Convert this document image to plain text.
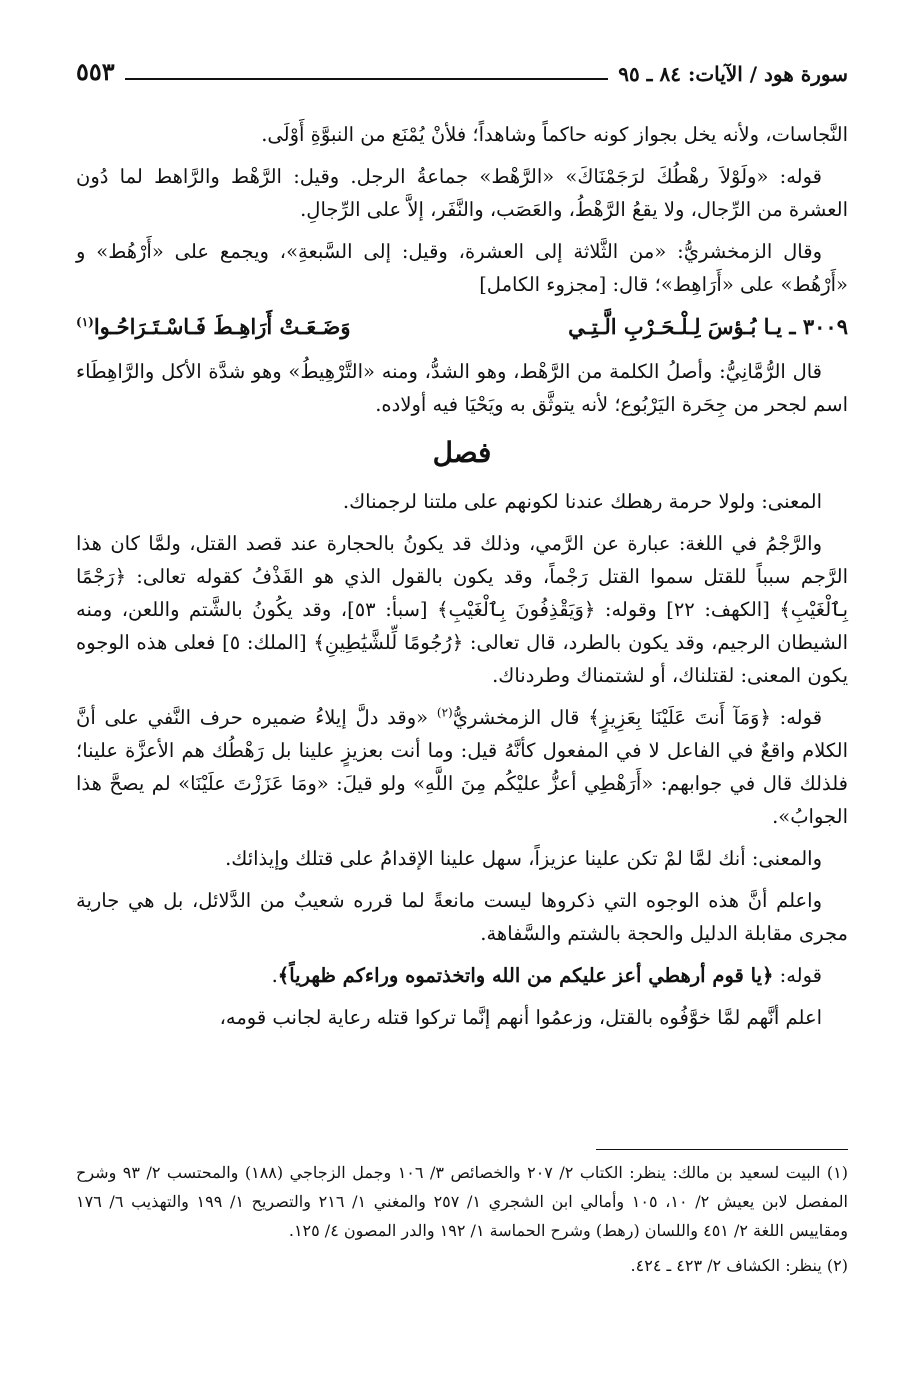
سورة هود / الآيات: ٨٤ ـ ٩٥
٥٥٣

النَّجاسات، ولأنه يخل بجواز كونه حاكماً وشاهداً؛ فلأنْ يُمْنَع من النبوَّةِ أَوْلَى.

قوله: «ولَوْلاَ رهْطُكَ لرَجَمْنَاكَ» «الرَّهْط» جماعةُ الرجل. وقيل: الرَّهْط والرَّاهط لما دُون العشرة من الرِّجال، ولا يقعُ الرَّهْطُ، والعَصَب، والنَّفَر، إلاَّ على الرِّجالِ.

وقال الزمخشريُّ: «من الثَّلاثة إلى العشرة، وقيل: إلى السَّبعةِ»، ويجمع على «أَرْهُط» و «أَرْهُط» على «أَرَاهِط»؛ قال: [مجزوء الكامل]

٣٠٠٩ ـ يـا بُـؤسَ لِـلْـحَـرْبِ الَّـتِـي
وَضَـعَـتْ أَرَاهِـطَ فَـاسْـتَـرَاحُـوا$^{(١)}$

قال الرُّمَّانِيُّ: وأصلُ الكلمة من الرَّهْط، وهو الشدُّ، ومنه «التَّرْهِيطُ» وهو شدَّة الأكل والرَّاهِطَاء اسم لجحر من جِحَرة اليَرْبُوع؛ لأنه يتوثَّق به ويَحْيَا فيه أولاده.

فصل

المعنى: ولولا حرمة رهطك عندنا لكونهم على ملتنا لرجمناك.

والرَّجْمُ في اللغة: عبارة عن الرَّمي، وذلك قد يكونُ بالحجارة عند قصد القتل، ولمَّا كان هذا الرَّجم سبباً للقتل سموا القتل رَجْماً، وقد يكون بالقول الذي هو القَذْفُ كقوله تعالى: ﴿رَجْمًا بِٱلْغَيْبِ﴾ [الكهف: ٢٢] وقوله: ﴿وَيَقْذِفُونَ بِٱلْغَيْبِ﴾ [سبأ: ٥٣]، وقد يكُونُ بالشَّتم واللعن، ومنه الشيطان الرجيم، وقد يكون بالطرد، قال تعالى: ﴿رُجُومًا لِّلشَّيَٰطِينِ﴾ [الملك: ٥] فعلى هذه الوجوه يكون المعنى: لقتلناك، أو لشتمناك وطردناك.

قوله: ﴿وَمَآ أَنتَ عَلَيْنَا بِعَزِيزٍ﴾ قال الزمخشريُّ$^{(٢)}$ «وقد دلَّ إيلاءُ ضميره حرف النَّفي على أنَّ الكلام واقعٌ في الفاعل لا في المفعول كأنَّهُ قيل: وما أنت بعزيزٍ علينا بل رَهْطُك هم الأعزَّة علينا؛ فلذلك قال في جوابهم: «أَرَهْطِي أعزُّ عليْكُم مِنَ اللَّهِ» ولو قيلَ: «ومَا عَزَزْتَ علَيْنَا» لم يصحَّ هذا الجوابُ».

والمعنى: أنك لمَّا لمْ تكن علينا عزيزاً، سهل علينا الإقدامُ على قتلك وإيذائك.

واعلم أنَّ هذه الوجوه التي ذكروها ليست مانعةً لما قرره شعيبٌ من الدَّلائل، بل هي جارية مجرى مقابلة الدليل والحجة بالشتم والسَّفاهة.

قوله: ﴿يا قوم أرهطي أعز عليكم من الله واتخذتموه وراءكم ظهرياً﴾.

اعلم أنَّهم لمَّا خوَّفُوه بالقتل، وزعمُوا أنهم إنَّما تركوا قتله رعاية لجانب قومه،

(١) البيت لسعيد بن مالك: ينظر: الكتاب ٢/ ٢٠٧ والخصائص ٣/ ١٠٦ وجمل الزجاجي (١٨٨) والمحتسب ٢/ ٩٣ وشرح المفصل لابن يعيش ٢/ ١٠، ١٠٥ وأمالي ابن الشجري ١/ ٢٥٧ والمغني ١/ ٢١٦ والتصريح ١/ ١٩٩ والتهذيب ٦/ ١٧٦ ومقاييس اللغة ٢/ ٤٥١ واللسان (رهط) وشرح الحماسة ١/ ١٩٢ والدر المصون ٤/ ١٢٥.

(٢) ينظر: الكشاف ٢/ ٤٢٣ ـ ٤٢٤.
